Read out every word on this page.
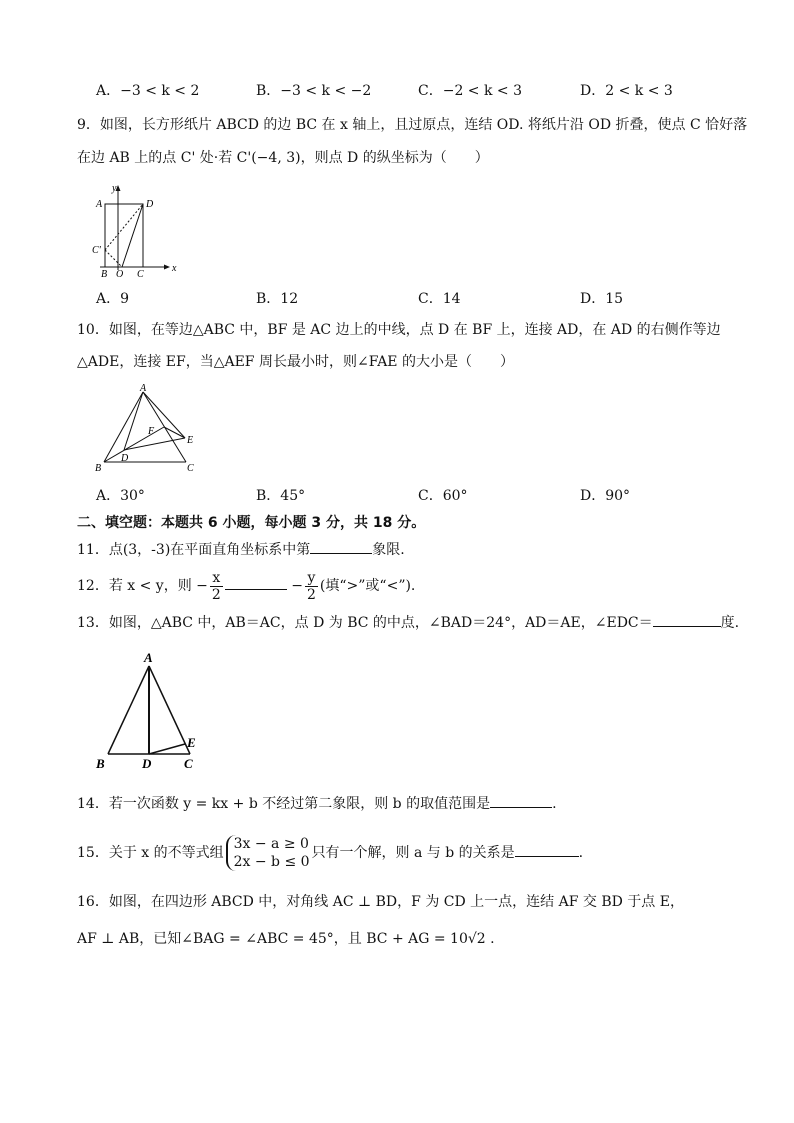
A．−3 < k < 2	B．−3 < k < −2	C．−2 < k < 3	D．2 < k < 3
9．如图，长方形纸片 ABCD 的边 BC 在 x 轴上，且过原点，连结 OD. 将纸片沿 OD 折叠，使点 C 恰好落
在边 AB 上的点 C' 处·若 C'(−4, 3)，则点 D 的纵坐标为（　　）
y
x
A	D
C'
B O C
A．9	B．12	C．14	D．15
10．如图，在等边△ABC 中，BF 是 AC 边上的中线，点 D 在 BF 上，连接 AD，在 AD 的右侧作等边
△ADE，连接 EF，当△AEF 周长最小时，则∠FAE 的大小是（　　）
A
F
E
D
B	C
A．30°	B．45°	C．60°	D．90°
二、填空题：本题共 6 小题，每小题 3 分，共 18 分。
11．点(3，-3)在平面直角坐标系中第	象限.
12．若 x < y，则 − $\frac{x}{2}$	− $\frac{y}{2}$ (填“>”或“<”).
13．如图，△ABC 中，AB＝AC，点 D 为 BC 的中点，∠BAD＝24°，AD＝AE，∠EDC＝	度.
A
B	D	C
E
14．若一次函数 y = kx + b 不经过第二象限，则 b 的取值范围是	.
15．关于 x 的不等式组
3x − a ≥ 0
2x − b ≤ 0
只有一个解，则 a 与 b 的关系是	.
16．如图，在四边形 ABCD 中，对角线 AC ⊥ BD，F 为 CD 上一点，连结 AF 交 BD 于点 E，
AF ⊥ AB，已知∠BAG = ∠ABC = 45°，且 BC + AG = 10√2 .
